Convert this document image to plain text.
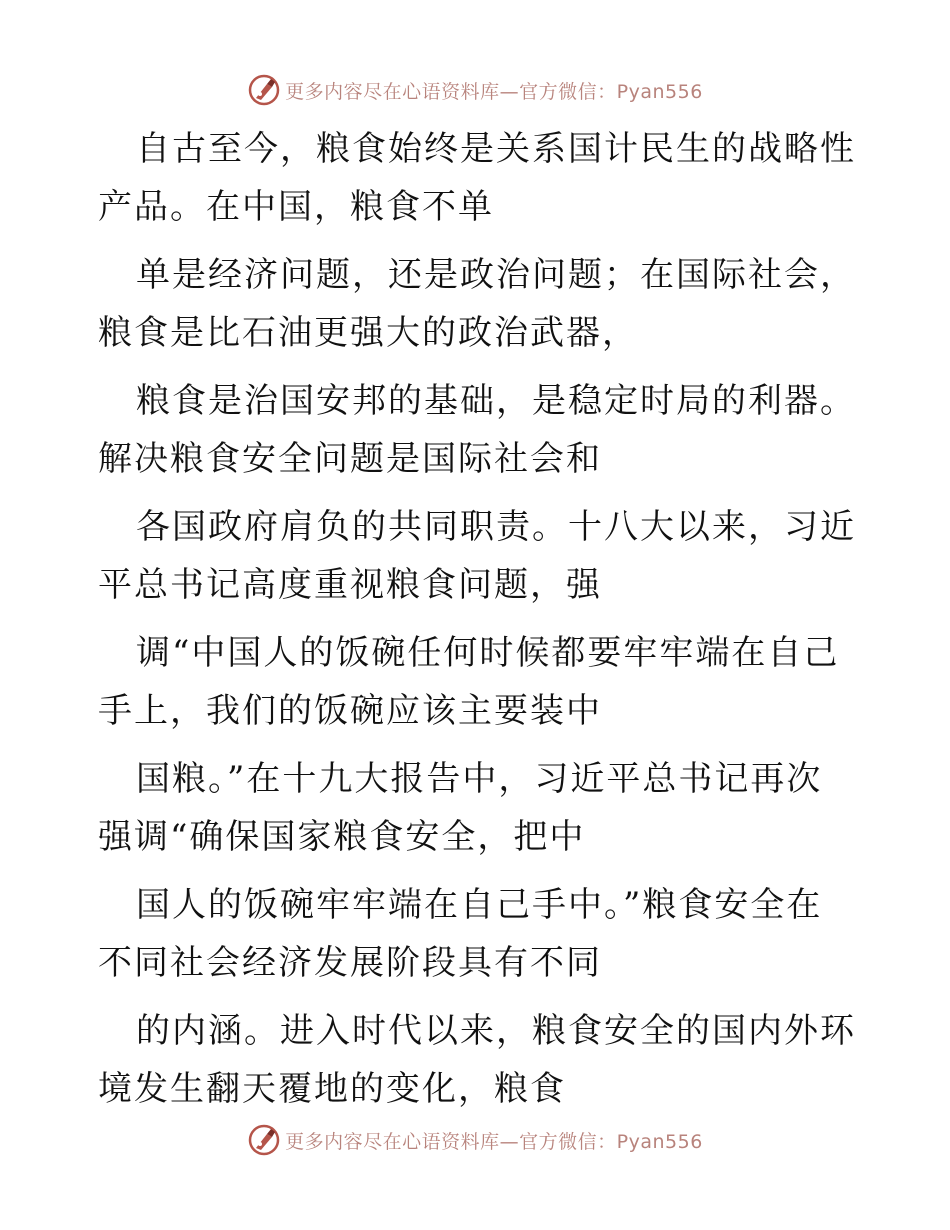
更多内容尽在心语资料库—官方微信：Pyan556

自古至今，粮食始终是关系国计民生的战略性产品。在中国，粮食不单

单是经济问题，还是政治问题；在国际社会，粮食是比石油更强大的政治武器，

粮食是治国安邦的基础，是稳定时局的利器。解决粮食安全问题是国际社会和

各国政府肩负的共同职责。十八大以来，习近平总书记高度重视粮食问题，强

调“中国人的饭碗任何时候都要牢牢端在自己手上，我们的饭碗应该主要装中

国粮。”在十九大报告中，习近平总书记再次强调“确保国家粮食安全，把中

国人的饭碗牢牢端在自己手中。”粮食安全在不同社会经济发展阶段具有不同

的内涵。进入时代以来，粮食安全的国内外环境发生翻天覆地的变化，粮食

更多内容尽在心语资料库—官方微信：Pyan556
